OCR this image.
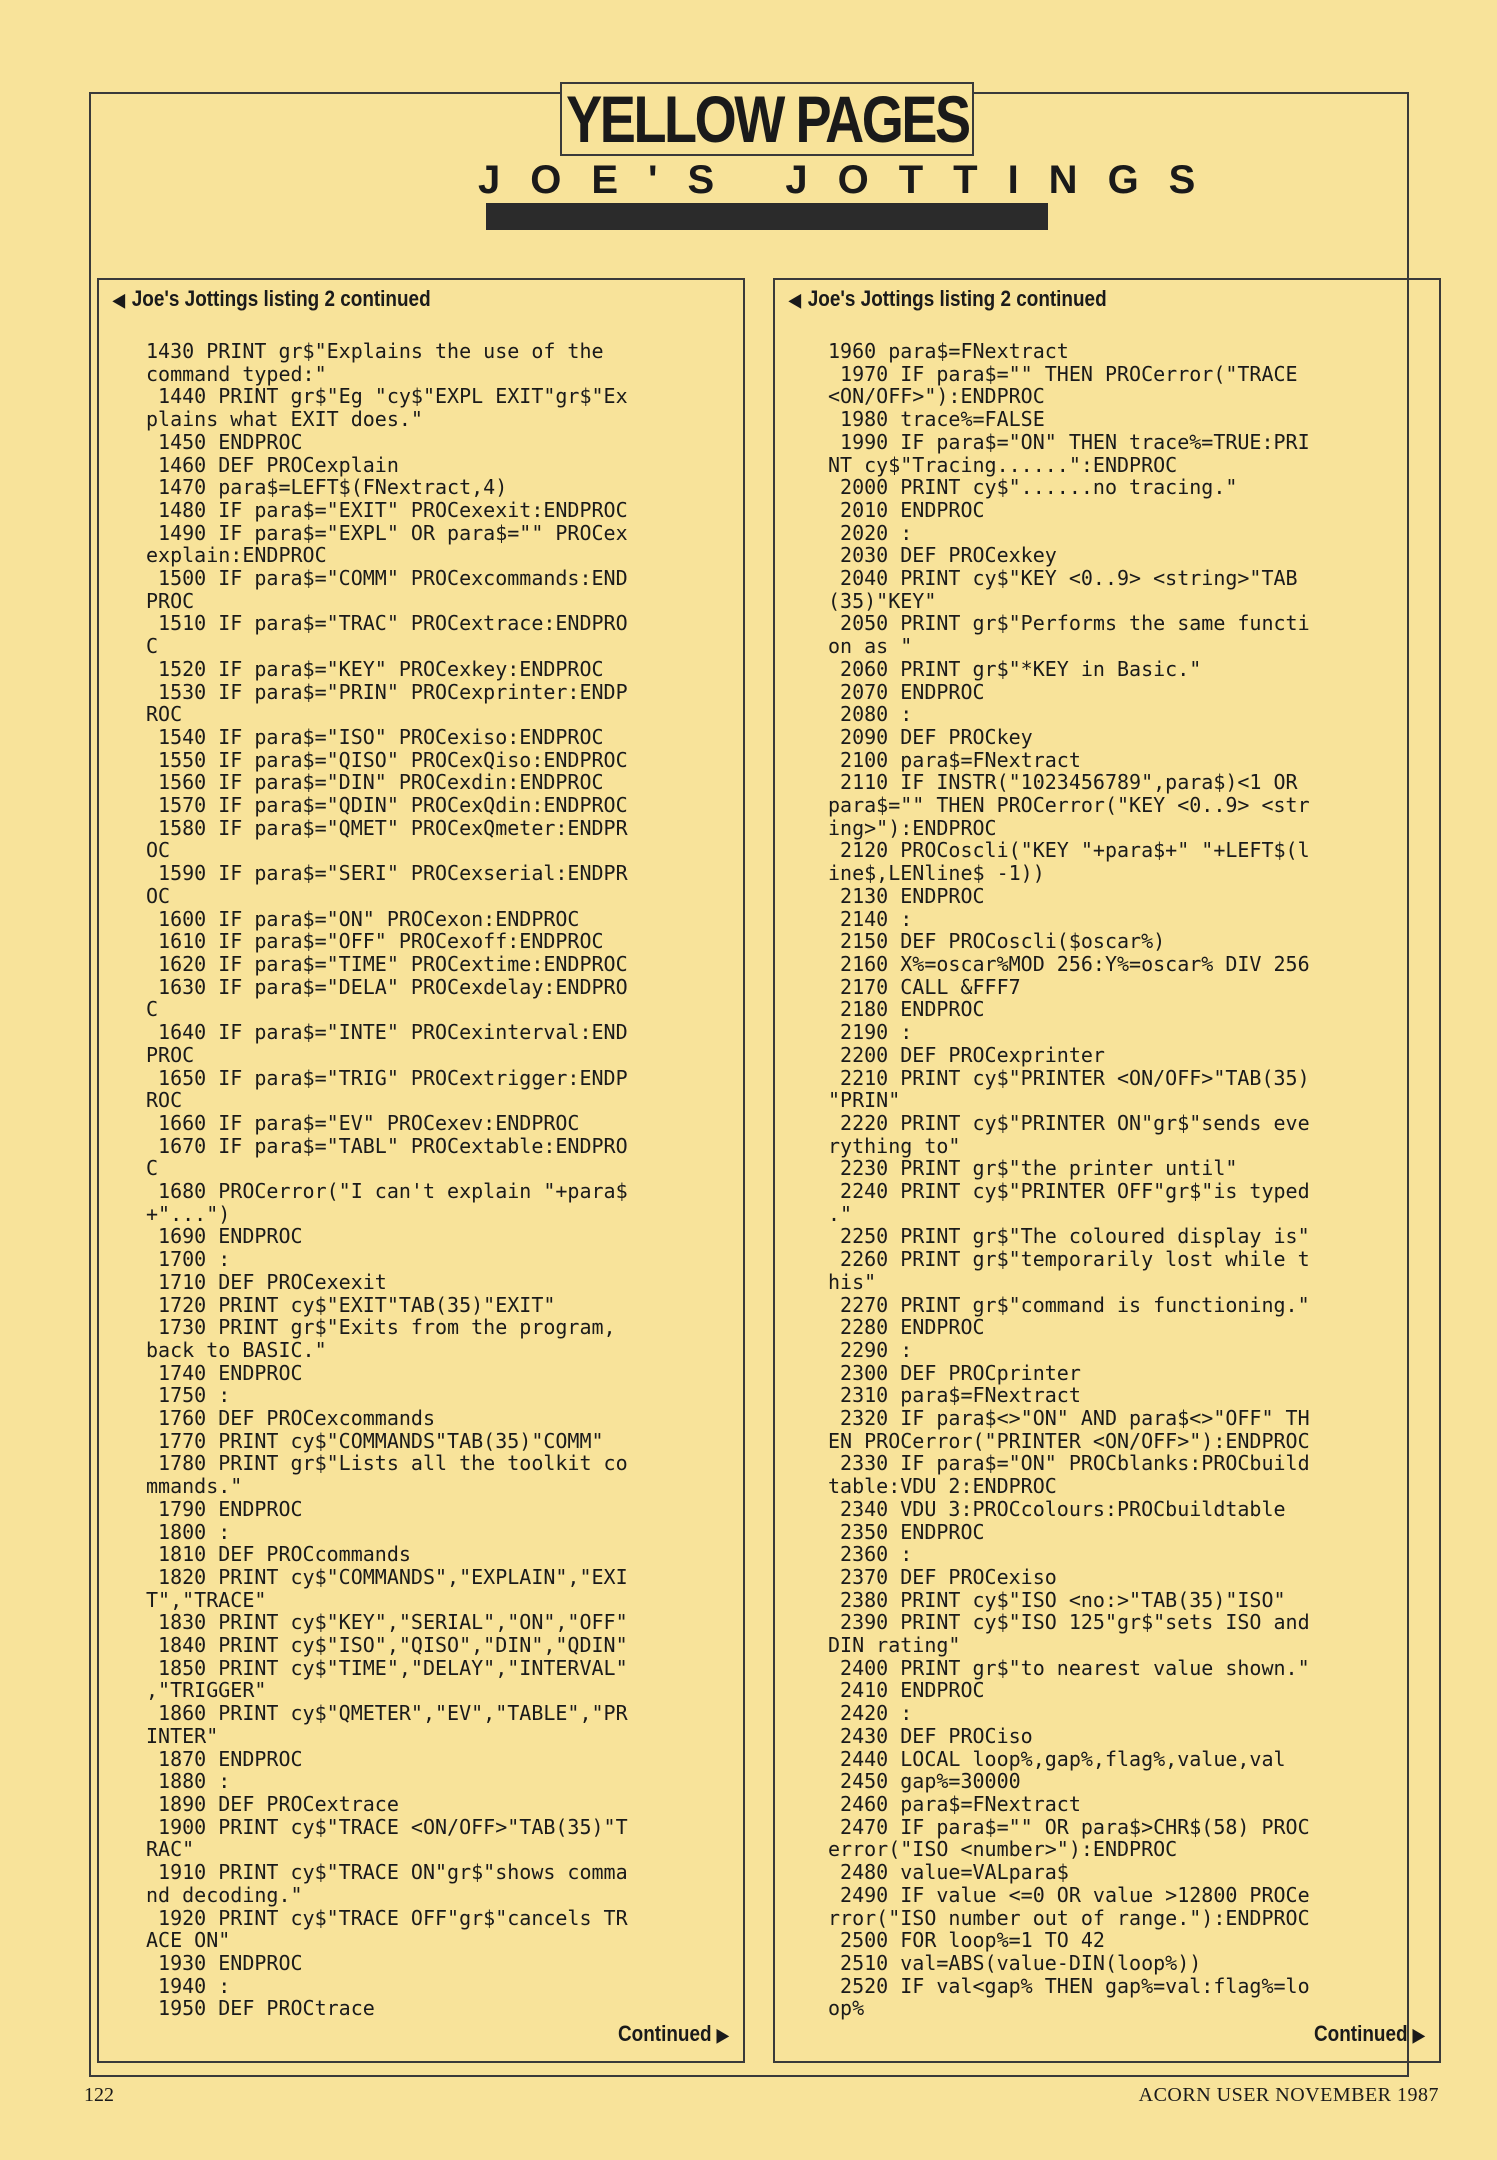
YELLOW PAGES
JOE'S JOTTINGS
◀ Joe's Jottings listing 2 continued
1430 PRINT gr$"Explains the use of the
command typed:"
1440 PRINT gr$"Eg "cy$"EXPL EXIT"gr$"Ex
plains what EXIT does."
1450 ENDPROC
1460 DEF PROCexplain
1470 para$=LEFT$(FNextract,4)
1480 IF para$="EXIT" PROCexexit:ENDPROC
1490 IF para$="EXPL" OR para$="" PROCex
explain:ENDPROC
1500 IF para$="COMM" PROCexcommands:END
PROC
1510 IF para$="TRAC" PROCextrace:ENDPRO
C
1520 IF para$="KEY" PROCexkey:ENDPROC
1530 IF para$="PRIN" PROCexprinter:ENDP
ROC
1540 IF para$="ISO" PROCexiso:ENDPROC
1550 IF para$="QISO" PROCexQiso:ENDPROC
1560 IF para$="DIN" PROCexdin:ENDPROC
1570 IF para$="QDIN" PROCexQdin:ENDPROC
1580 IF para$="QMET" PROCexQmeter:ENDPR
OC
1590 IF para$="SERI" PROCexserial:ENDPR
OC
1600 IF para$="ON" PROCexon:ENDPROC
1610 IF para$="OFF" PROCexoff:ENDPROC
1620 IF para$="TIME" PROCextime:ENDPROC
1630 IF para$="DELA" PROCexdelay:ENDPRO
C
1640 IF para$="INTE" PROCexinterval:END
PROC
1650 IF para$="TRIG" PROCextrigger:ENDP
ROC
1660 IF para$="EV" PROCexev:ENDPROC
1670 IF para$="TABL" PROCextable:ENDPRO
C
1680 PROCerror("I can't explain "+para$
+"...")
1690 ENDPROC
1700 :
1710 DEF PROCexexit
1720 PRINT cy$"EXIT"TAB(35)"EXIT"
1730 PRINT gr$"Exits from the program,
back to BASIC."
1740 ENDPROC
1750 :
1760 DEF PROCexcommands
1770 PRINT cy$"COMMANDS"TAB(35)"COMM"
1780 PRINT gr$"Lists all the toolkit co
mmands."
1790 ENDPROC
1800 :
1810 DEF PROCcommands
1820 PRINT cy$"COMMANDS","EXPLAIN","EXI
T","TRACE"
1830 PRINT cy$"KEY","SERIAL","ON","OFF"
1840 PRINT cy$"ISO","QISO","DIN","QDIN"
1850 PRINT cy$"TIME","DELAY","INTERVAL"
,"TRIGGER"
1860 PRINT cy$"QMETER","EV","TABLE","PR
INTER"
1870 ENDPROC
1880 :
1890 DEF PROCextrace
1900 PRINT cy$"TRACE <ON/OFF>"TAB(35)"T
RAC"
1910 PRINT cy$"TRACE ON"gr$"shows comma
nd decoding."
1920 PRINT cy$"TRACE OFF"gr$"cancels TR
ACE ON"
1930 ENDPROC
1940 :
1950 DEF PROCtrace

Continued ▶
◀ Joe's Jottings listing 2 continued
1960 para$=FNextract
1970 IF para$="" THEN PROCerror("TRACE
<ON/OFF>"):ENDPROC
1980 trace%=FALSE
1990 IF para$="ON" THEN trace%=TRUE:PRI
NT cy$"Tracing......":ENDPROC
2000 PRINT cy$"......no tracing."
2010 ENDPROC
2020 :
2030 DEF PROCexkey
2040 PRINT cy$"KEY <0..9> <string>"TAB
(35)"KEY"
2050 PRINT gr$"Performs the same functi
on as "
2060 PRINT gr$"*KEY in Basic."
2070 ENDPROC
2080 :
2090 DEF PROCkey
2100 para$=FNextract
2110 IF INSTR("1023456789",para$)<1 OR
para$="" THEN PROCerror("KEY <0..9> <str
ing>"):ENDPROC
2120 PROCoscli("KEY "+para$+" "+LEFT$(l
ine$,LENline$ -1))
2130 ENDPROC
2140 :
2150 DEF PROCoscli($oscar%)
2160 X%=oscar%MOD 256:Y%=oscar% DIV 256
2170 CALL &FFF7
2180 ENDPROC
2190 :
2200 DEF PROCexprinter
2210 PRINT cy$"PRINTER <ON/OFF>"TAB(35)
"PRIN"
2220 PRINT cy$"PRINTER ON"gr$"sends eve
rything to"
2230 PRINT gr$"the printer until"
2240 PRINT cy$"PRINTER OFF"gr$"is typed
."
2250 PRINT gr$"The coloured display is"
2260 PRINT gr$"temporarily lost while t
his"
2270 PRINT gr$"command is functioning."
2280 ENDPROC
2290 :
2300 DEF PROCprinter
2310 para$=FNextract
2320 IF para$<>"ON" AND para$<>"OFF" TH
EN PROCerror("PRINTER <ON/OFF>"):ENDPROC
2330 IF para$="ON" PROCblanks:PROCbuild
table:VDU 2:ENDPROC
2340 VDU 3:PROCcolours:PROCbuildtable
2350 ENDPROC
2360 :
2370 DEF PROCexiso
2380 PRINT cy$"ISO <no:>"TAB(35)"ISO"
2390 PRINT cy$"ISO 125"gr$"sets ISO and
DIN rating"
2400 PRINT gr$"to nearest value shown."
2410 ENDPROC
2420 :
2430 DEF PROCiso
2440 LOCAL loop%,gap%,flag%,value,val
2450 gap%=30000
2460 para$=FNextract
2470 IF para$="" OR para$>CHR$(58) PROC
error("ISO <number>"):ENDPROC
2480 value=VALpara$
2490 IF value <=0 OR value >12800 PROCe
rror("ISO number out of range."):ENDPROC
2500 FOR loop%=1 TO 42
2510 val=ABS(value-DIN(loop%))
2520 IF val<gap% THEN gap%=val:flag%=lo
op%

Continued ▶
122	ACORN USER NOVEMBER 1987
